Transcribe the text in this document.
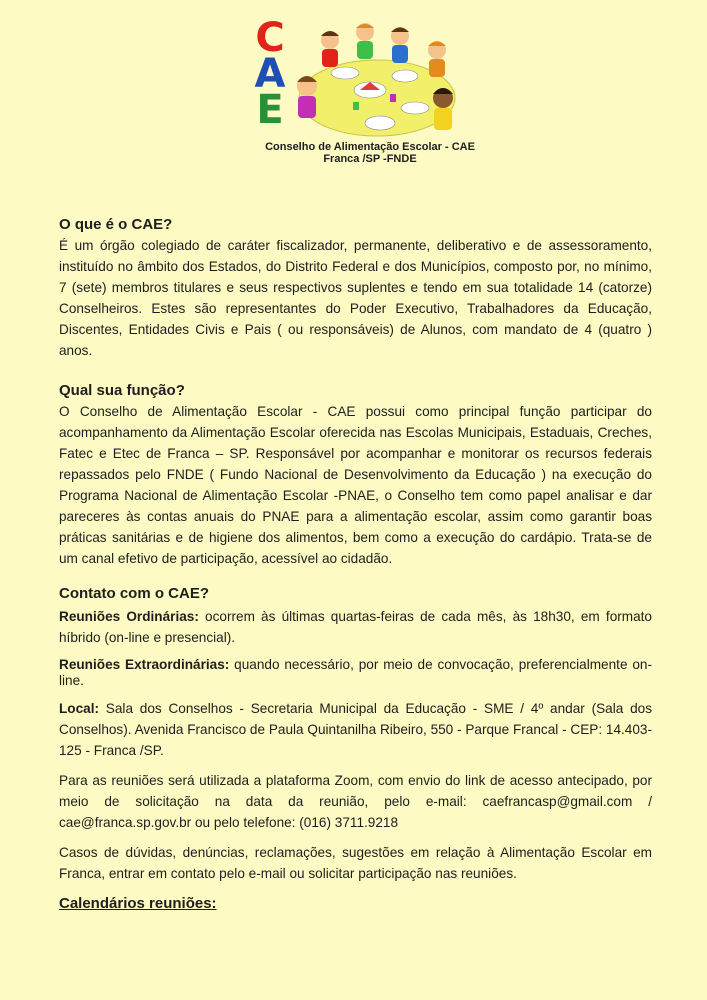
C
A
E
Conselho de Alimentação Escolar - CAE
Franca /SP -FNDE
O que é o CAE?

É um órgão colegiado de caráter fiscalizador, permanente, deliberativo e de assessoramento, instituído no âmbito dos Estados, do Distrito Federal e dos Municípios, composto por, no mínimo, 7 (sete) membros titulares e seus respectivos suplentes e tendo em sua totalidade 14 (catorze) Conselheiros. Estes são representantes do Poder Executivo, Trabalhadores da Educação, Discentes, Entidades Civis e Pais ( ou responsáveis) de Alunos, com mandato de 4 (quatro ) anos.

Qual sua função?

O Conselho de Alimentação Escolar - CAE possui como principal função participar do acompanhamento da Alimentação Escolar oferecida nas Escolas Municipais, Estaduais, Creches, Fatec e Etec de Franca – SP. Responsável por acompanhar e monitorar os recursos federais repassados pelo FNDE ( Fundo Nacional de Desenvolvimento da Educação ) na execução do Programa Nacional de Alimentação Escolar -PNAE, o Conselho tem como papel analisar e dar pareceres às contas anuais do PNAE para a alimentação escolar, assim como garantir boas práticas sanitárias e de higiene dos alimentos, bem como a execução do cardápio. Trata-se de um canal efetivo de participação, acessível ao cidadão.

Contato com o CAE?

Reuniões Ordinárias: ocorrem às últimas quartas-feiras de cada mês, às 18h30, em formato híbrido (on-line e presencial).

Reuniões Extraordinárias: quando necessário, por meio de convocação, preferencialmente on-line.

Local: Sala dos Conselhos - Secretaria Municipal da Educação - SME / 4º andar (Sala dos Conselhos). Avenida Francisco de Paula Quintanilha Ribeiro, 550 - Parque Francal - CEP: 14.403-125 - Franca /SP.

Para as reuniões será utilizada a plataforma Zoom, com envio do link de acesso antecipado, por meio de solicitação na data da reunião, pelo e-mail: caefrancasp@gmail.com / cae@franca.sp.gov.br ou pelo telefone: (016) 3711.9218

Casos de dúvidas, denúncias, reclamações, sugestões em relação à Alimentação Escolar em Franca, entrar em contato pelo e-mail ou solicitar participação nas reuniões.

Calendários reuniões:
